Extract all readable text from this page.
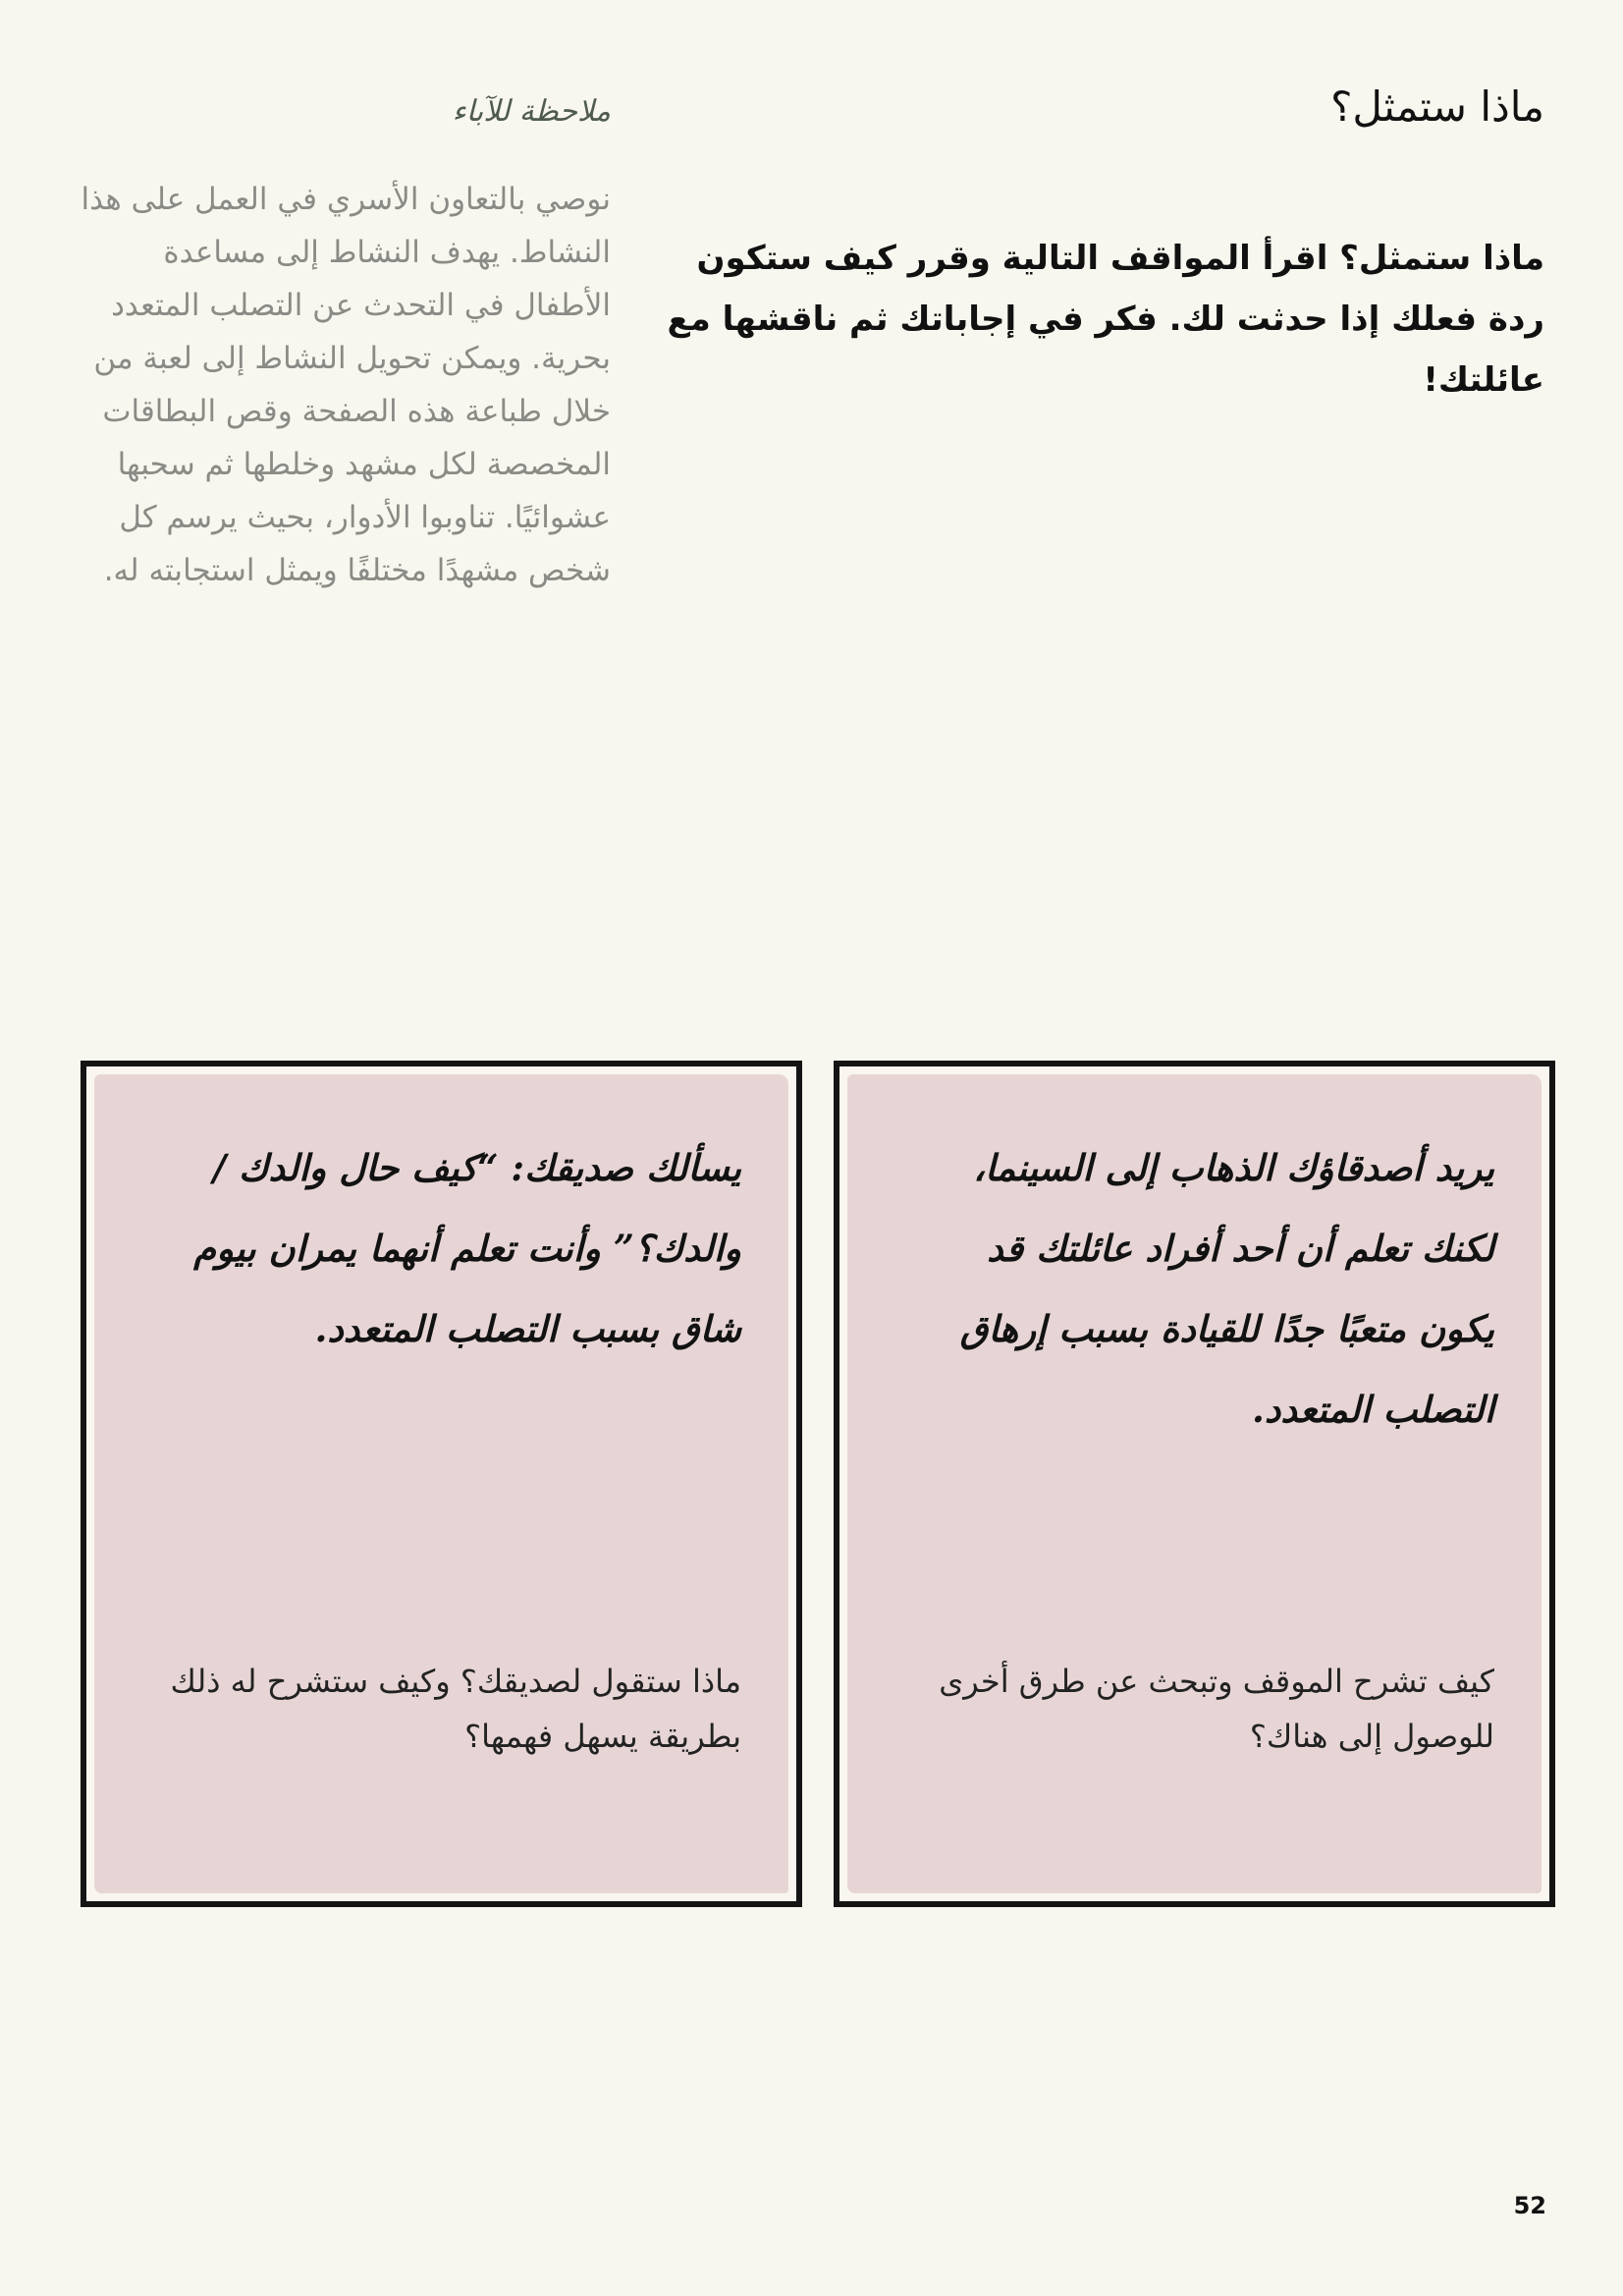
ماذا ستمثل؟
ماذا ستمثل؟ اقرأ المواقف التالية وقرر كيف ستكون ردة فعلك إذا حدثت لك. فكر في إجاباتك ثم ناقشها مع عائلتك!
ملاحظة للآباء
نوصي بالتعاون الأسري في العمل على هذا النشاط. يهدف النشاط إلى مساعدة الأطفال في التحدث عن التصلب المتعدد بحرية. ويمكن تحويل النشاط إلى لعبة من خلال طباعة هذه الصفحة وقص البطاقات المخصصة لكل مشهد وخلطها ثم سحبها عشوائيًا. تناوبوا الأدوار، بحيث يرسم كل شخص مشهدًا مختلفًا ويمثل استجابته له.
يريد أصدقاؤك الذهاب إلى السينما، لكنك تعلم أن أحد أفراد عائلتك قد يكون متعبًا جدًا للقيادة بسبب إرهاق التصلب المتعدد.
كيف تشرح الموقف وتبحث عن طرق أخرى للوصول إلى هناك؟
يسألك صديقك: “كيف حال والدك / والدك؟” وأنت تعلم أنهما يمران بيوم شاق بسبب التصلب المتعدد.
ماذا ستقول لصديقك؟ وكيف ستشرح له ذلك بطريقة يسهل فهمها؟
52
